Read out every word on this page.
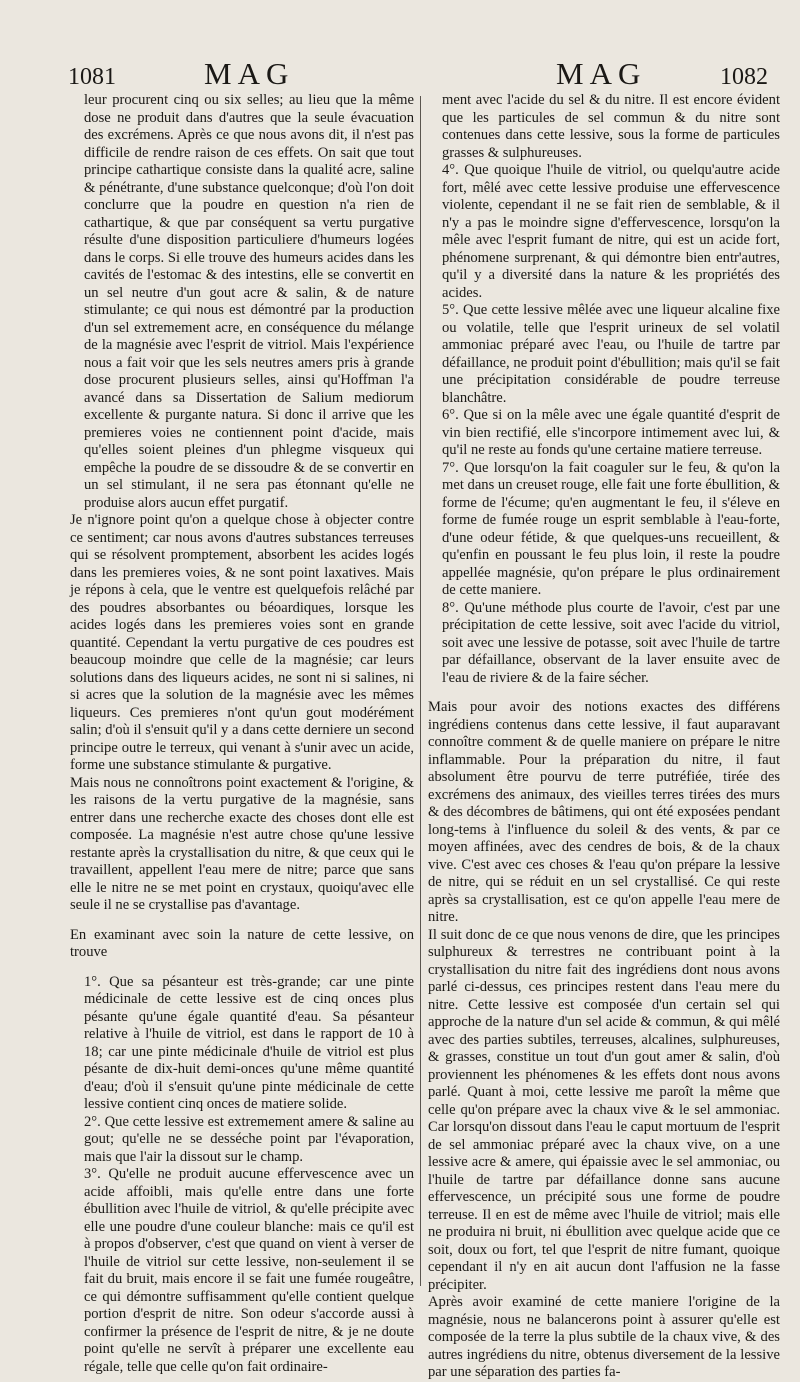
1081	MAG	MAG	1082

leur procurent cinq ou six selles; au lieu que la même dose ne produit dans d'autres que la seule évacuation des excrémens. Après ce que nous avons dit, il n'est pas difficile de rendre raison de ces effets. On sait que tout principe cathartique consiste dans la qualité acre, saline & pénétrante, d'une substance quelconque; d'où l'on doit conclurre que la poudre en question n'a rien de cathartique, & que par conséquent sa vertu purgative résulte d'une disposition particuliere d'humeurs logées dans le corps. Si elle trouve des humeurs acides dans les cavités de l'estomac & des intestins, elle se convertit en un sel neutre d'un gout acre & salin, & de nature stimulante; ce qui nous est démontré par la production d'un sel extremement acre, en conséquence du mélange de la magnésie avec l'esprit de vitriol. Mais l'expérience nous a fait voir que les sels neutres amers pris à grande dose procurent plusieurs selles, ainsi qu'Hoffman l'a avancé dans sa Dissertation de Salium mediorum excellente & purgante natura. Si donc il arrive que les premieres voies ne contiennent point d'acide, mais qu'elles soient pleines d'un phlegme visqueux qui empêche la poudre de se dissoudre & de se convertir en un sel stimulant, il ne sera pas étonnant qu'elle ne produise alors aucun effet purgatif.

Je n'ignore point qu'on a quelque chose à objecter contre ce sentiment; car nous avons d'autres substances terreuses qui se résolvent promptement, absorbent les acides logés dans les premieres voies, & ne sont point laxatives. Mais je répons à cela, que le ventre est quelquefois relâché par des poudres absorbantes ou béoardiques, lorsque les acides logés dans les premieres voies sont en grande quantité. Cependant la vertu purgative de ces poudres est beaucoup moindre que celle de la magnésie; car leurs solutions dans des liqueurs acides, ne sont ni si salines, ni si acres que la solution de la magnésie avec les mêmes liqueurs. Ces premieres n'ont qu'un gout modérément salin; d'où il s'ensuit qu'il y a dans cette derniere un second principe outre le terreux, qui venant à s'unir avec un acide, forme une substance stimulante & purgative.

Mais nous ne connoîtrons point exactement & l'origine, & les raisons de la vertu purgative de la magnésie, sans entrer dans une recherche exacte des choses dont elle est composée. La magnésie n'est autre chose qu'une lessive restante après la crystallisation du nitre, & que ceux qui le travaillent, appellent l'eau mere de nitre; parce que sans elle le nitre ne se met point en crystaux, quoiqu'avec elle seule il ne se crystallise pas d'avantage.

En examinant avec soin la nature de cette lessive, on trouve

1°. Que sa pésanteur est très-grande; car une pinte médicinale de cette lessive est de cinq onces plus pésante qu'une égale quantité d'eau. Sa pésanteur relative à l'huile de vitriol, est dans le rapport de 10 à 18; car une pinte médicinale d'huile de vitriol est plus pésante de dix-huit demi-onces qu'une même quantité d'eau; d'où il s'ensuit qu'une pinte médicinale de cette lessive contient cinq onces de matiere solide.

2°. Que cette lessive est extremement amere & saline au gout; qu'elle ne se desséche point par l'évaporation, mais que l'air la dissout sur le champ.

3°. Qu'elle ne produit aucune effervescence avec un acide affoibli, mais qu'elle entre dans une forte ébullition avec l'huile de vitriol, & qu'elle précipite avec elle une poudre d'une couleur blanche: mais ce qu'il est à propos d'observer, c'est que quand on vient à verser de l'huile de vitriol sur cette lessive, non-seulement il se fait du bruit, mais encore il se fait une fumée rougeâtre, ce qui démontre suffisamment qu'elle contient quelque portion d'esprit de nitre. Son odeur s'accorde aussi à confirmer la présence de l'esprit de nitre, & je ne doute point qu'elle ne servît à préparer une excellente eau régale, telle que celle qu'on fait ordinaire-

ment avec l'acide du sel & du nitre. Il est encore évident que les particules de sel commun & du nitre sont contenues dans cette lessive, sous la forme de particules grasses & sulphureuses.

4°. Que quoique l'huile de vitriol, ou quelqu'autre acide fort, mêlé avec cette lessive produise une effervescence violente, cependant il ne se fait rien de semblable, & il n'y a pas le moindre signe d'effervescence, lorsqu'on la mêle avec l'esprit fumant de nitre, qui est un acide fort, phénomene surprenant, & qui démontre bien entr'autres, qu'il y a diversité dans la nature & les propriétés des acides.

5°. Que cette lessive mêlée avec une liqueur alcaline fixe ou volatile, telle que l'esprit urineux de sel volatil ammoniac préparé avec l'eau, ou l'huile de tartre par défaillance, ne produit point d'ébullition; mais qu'il se fait une précipitation considérable de poudre terreuse blanchâtre.

6°. Que si on la mêle avec une égale quantité d'esprit de vin bien rectifié, elle s'incorpore intimement avec lui, & qu'il ne reste au fonds qu'une certaine matiere terreuse.

7°. Que lorsqu'on la fait coaguler sur le feu, & qu'on la met dans un creuset rouge, elle fait une forte ébullition, & forme de l'écume; qu'en augmentant le feu, il s'éleve en forme de fumée rouge un esprit semblable à l'eau-forte, d'une odeur fétide, & que quelques-uns recueillent, & qu'enfin en poussant le feu plus loin, il reste la poudre appellée magnésie, qu'on prépare le plus ordinairement de cette maniere.

8°. Qu'une méthode plus courte de l'avoir, c'est par une précipitation de cette lessive, soit avec l'acide du vitriol, soit avec une lessive de potasse, soit avec l'huile de tartre par défaillance, observant de la laver ensuite avec de l'eau de riviere & de la faire sécher.

Mais pour avoir des notions exactes des différens ingrédiens contenus dans cette lessive, il faut auparavant connoître comment & de quelle maniere on prépare le nitre inflammable. Pour la préparation du nitre, il faut absolument être pourvu de terre putréfiée, tirée des excrémens des animaux, des vieilles terres tirées des murs & des décombres de bâtimens, qui ont été exposées pendant long-tems à l'influence du soleil & des vents, & par ce moyen affinées, avec des cendres de bois, & de la chaux vive. C'est avec ces choses & l'eau qu'on prépare la lessive de nitre, qui se réduit en un sel crystallisé. Ce qui reste après sa crystallisation, est ce qu'on appelle l'eau mere de nitre.

Il suit donc de ce que nous venons de dire, que les principes sulphureux & terrestres ne contribuant point à la crystallisation du nitre fait des ingrédiens dont nous avons parlé ci-dessus, ces principes restent dans l'eau mere du nitre. Cette lessive est composée d'un certain sel qui approche de la nature d'un sel acide & commun, & qui mêlé avec des parties subtiles, terreuses, alcalines, sulphureuses, & grasses, constitue un tout d'un gout amer & salin, d'où proviennent les phénomenes & les effets dont nous avons parlé. Quant à moi, cette lessive me paroît la même que celle qu'on prépare avec la chaux vive & le sel ammoniac. Car lorsqu'on dissout dans l'eau le caput mortuum de l'esprit de sel ammoniac préparé avec la chaux vive, on a une lessive acre & amere, qui épaissie avec le sel ammoniac, ou l'huile de tartre par défaillance donne sans aucune effervescence, un précipité sous une forme de poudre terreuse. Il en est de même avec l'huile de vitriol; mais elle ne produira ni bruit, ni ébullition avec quelque acide que ce soit, doux ou fort, tel que l'esprit de nitre fumant, quoique cependant il n'y en ait aucun dont l'affusion ne la fasse précipiter.

Après avoir examiné de cette maniere l'origine de la magnésie, nous ne balancerons point à assurer qu'elle est composée de la terre la plus subtile de la chaux vive, & des autres ingrédiens du nitre, obtenus diversement de la lessive par une séparation des parties fa-
